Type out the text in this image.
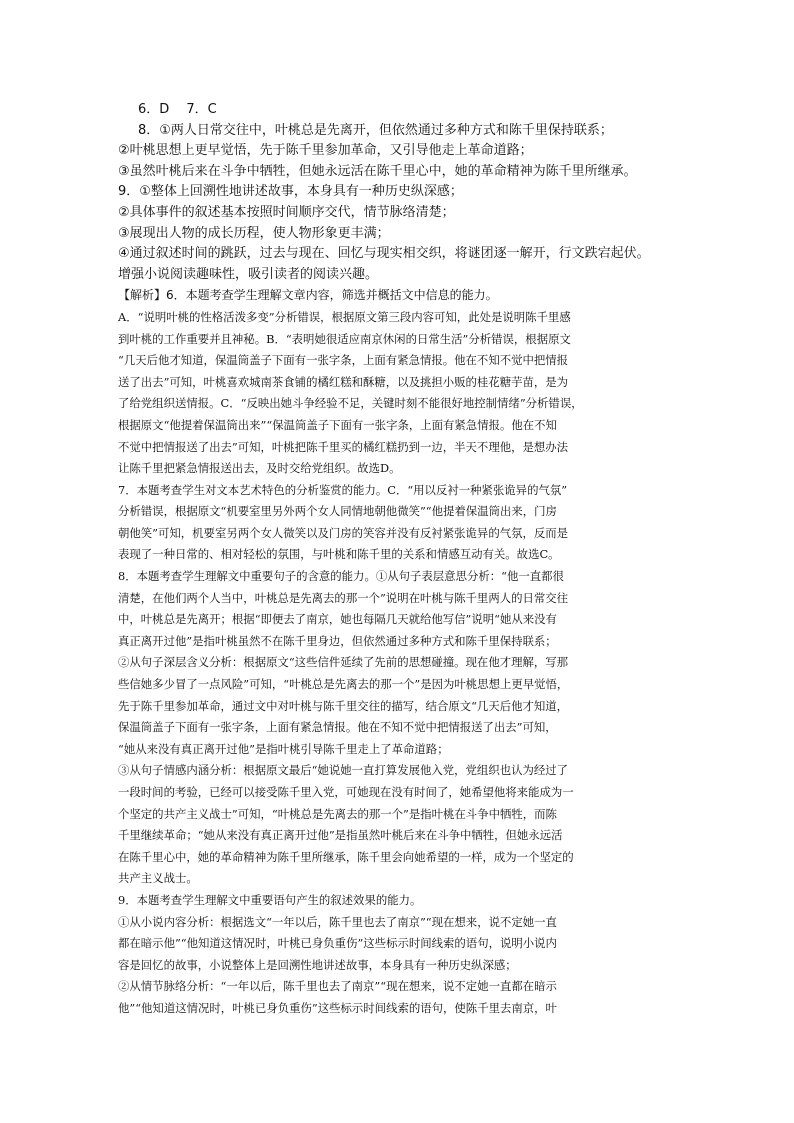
6．D　 7．C
8．①两人日常交往中，叶桃总是先离开，但依然通过多种方式和陈千里保持联系；
②叶桃思想上更早觉悟，先于陈千里参加革命，又引导他走上革命道路；
③虽然叶桃后来在斗争中牺牲，但她永远活在陈千里心中，她的革命精神为陈千里所继承。
9．①整体上回溯性地讲述故事，本身具有一种历史纵深感；
②具体事件的叙述基本按照时间顺序交代，情节脉络清楚；
③展现出人物的成长历程，使人物形象更丰满；
④通过叙述时间的跳跃，过去与现在、回忆与现实相交织，将谜团逐一解开，行文跌宕起伏。
增强小说阅读趣味性，吸引读者的阅读兴趣。
【解析】6．本题考查学生理解文章内容，筛选并概括文中信息的能力。
A．“说明叶桃的性格活泼多变”分析错误，根据原文第三段内容可知，此处是说明陈千里感
到叶桃的工作重要并且神秘。B．“表明她很适应南京休闲的日常生活”分析错误，根据原文
“几天后他才知道，保温筒盖子下面有一张字条，上面有紧急情报。他在不知不觉中把情报
送了出去”可知，叶桃喜欢城南茶食铺的橘红糕和酥糖，以及挑担小贩的桂花糖芋苗，是为
了给党组织送情报。C．“反映出她斗争经验不足，关键时刻不能很好地控制情绪”分析错误，
根据原文“他提着保温筒出来”“保温筒盖子下面有一张字条，上面有紧急情报。他在不知
不觉中把情报送了出去”可知，叶桃把陈千里买的橘红糕扔到一边，半天不理他，是想办法
让陈千里把紧急情报送出去，及时交给党组织。故选D。
7．本题考查学生对文本艺术特色的分析鉴赏的能力。C．“用以反衬一种紧张诡异的气氛”
分析错误，根据原文“机要室里另外两个女人同情地朝他微笑”“他提着保温筒出来，门房
朝他笑”可知，机要室另两个女人微笑以及门房的笑容并没有反衬紧张诡异的气氛，反而是
表现了一种日常的、相对轻松的氛围，与叶桃和陈千里的关系和情感互动有关。故选C。
8．本题考查学生理解文中重要句子的含意的能力。①从句子表层意思分析：“他一直都很
清楚，在他们两个人当中，叶桃总是先离去的那一个”说明在叶桃与陈千里两人的日常交往
中，叶桃总是先离开；根据“即便去了南京，她也每隔几天就给他写信”说明“她从来没有
真正离开过他”是指叶桃虽然不在陈千里身边，但依然通过多种方式和陈千里保持联系；
②从句子深层含义分析：根据原文“这些信件延续了先前的思想碰撞。现在他才理解，写那
些信她多少冒了一点风险”可知，“叶桃总是先离去的那一个”是因为叶桃思想上更早觉悟，
先于陈千里参加革命，通过文中对叶桃与陈千里交往的描写，结合原文“几天后他才知道，
保温筒盖子下面有一张字条，上面有紧急情报。他在不知不觉中把情报送了出去”可知，
“她从来没有真正离开过他”是指叶桃引导陈千里走上了革命道路；
③从句子情感内涵分析：根据原文最后“她说她一直打算发展他入党，党组织也认为经过了
一段时间的考验，已经可以接受陈千里入党，可她现在没有时间了，她希望他将来能成为一
个坚定的共产主义战士”可知，“叶桃总是先离去的那一个”是指叶桃在斗争中牺牲，而陈
千里继续革命；“她从来没有真正离开过他”是指虽然叶桃后来在斗争中牺牲，但她永远活
在陈千里心中，她的革命精神为陈千里所继承，陈千里会向她希望的一样，成为一个坚定的
共产主义战士。
9．本题考查学生理解文中重要语句产生的叙述效果的能力。
①从小说内容分析：根据选文“一年以后，陈千里也去了南京”“现在想来，说不定她一直
都在暗示他”“他知道这情况时，叶桃已身负重伤”这些标示时间线索的语句，说明小说内
容是回忆的故事，小说整体上是回溯性地讲述故事，本身具有一种历史纵深感；
②从情节脉络分析：“一年以后，陈千里也去了南京”“现在想来，说不定她一直都在暗示
他”“他知道这情况时，叶桃已身负重伤”这些标示时间线索的语句，使陈千里去南京，叶
